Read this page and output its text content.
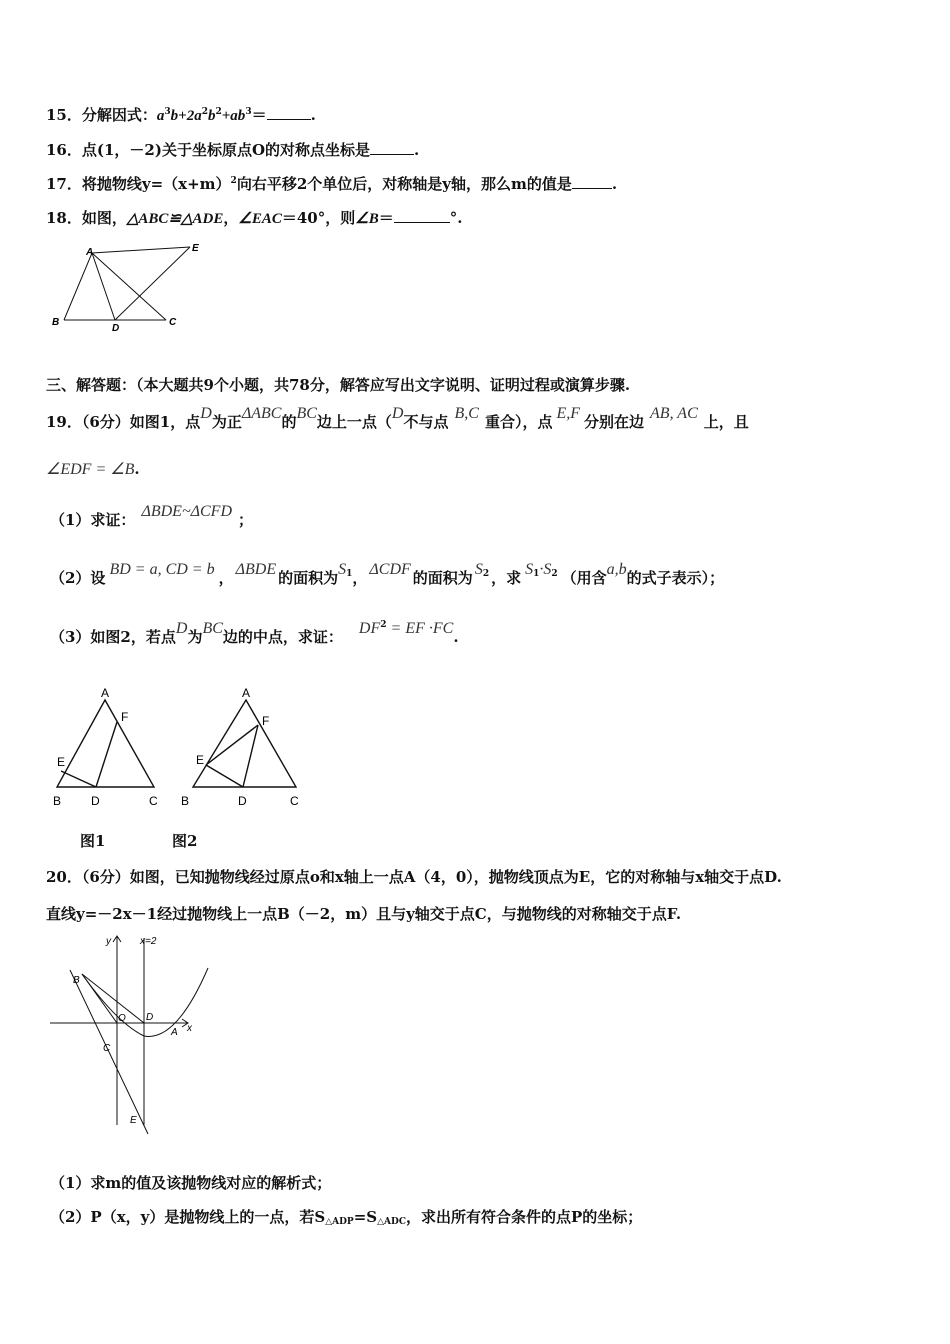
15．分解因式：$a^3b+2a^2b^2+ab^3=$	.
16．点(1，－2)关于坐标原点O的对称点坐标是	.
17．将抛物线$y=(x+m)^2$向右平移2个单位后，对称轴是y轴，那么m的值是	.
18．如图，△ABC≌△ADE，∠EAC＝40°，则∠B＝	°.
A	E
B
D
C
三、解答题：（本大题共9个小题，共78分，解答应写出文字说明、证明过程或演算步骤.
19．（6分）如图1，点D为正ΔABC的BC边上一点（D不与点 B,C 重合），点 E,F 分别在边 AB, AC 上，且
∠EDF = ∠B.
（1）求证： ΔBDE~ΔCFD ；
（2）设 BD = a, CD = b ， ΔBDE 的面积为$S_1$， ΔCDF 的面积为 $S_2$ ，求 $S_1\cdot S_2$ （用含a,b的式子表示）；
（3）如图2，若点D为BC边的中点，求证： $DF^2$ = EF ·FC.
A
F
E
B D	C
A
F
E
B	D	C
图1	图2
20．（6分）如图，已知抛物线经过原点o和x轴上一点A（4，0），抛物线顶点为E，它的对称轴与x轴交于点D.
直线y=－2x－1经过抛物线上一点B（－2，m）且与y轴交于点C，与抛物线的对称轴交于点F.
y	x=2
B
O D
A x
C
E
（1）求m的值及该抛物线对应的解析式；
（2）P（x，y）是抛物线上的一点，若$S_{\triangle ADP}=S_{\triangle ADC}$，求出所有符合条件的点P的坐标；
